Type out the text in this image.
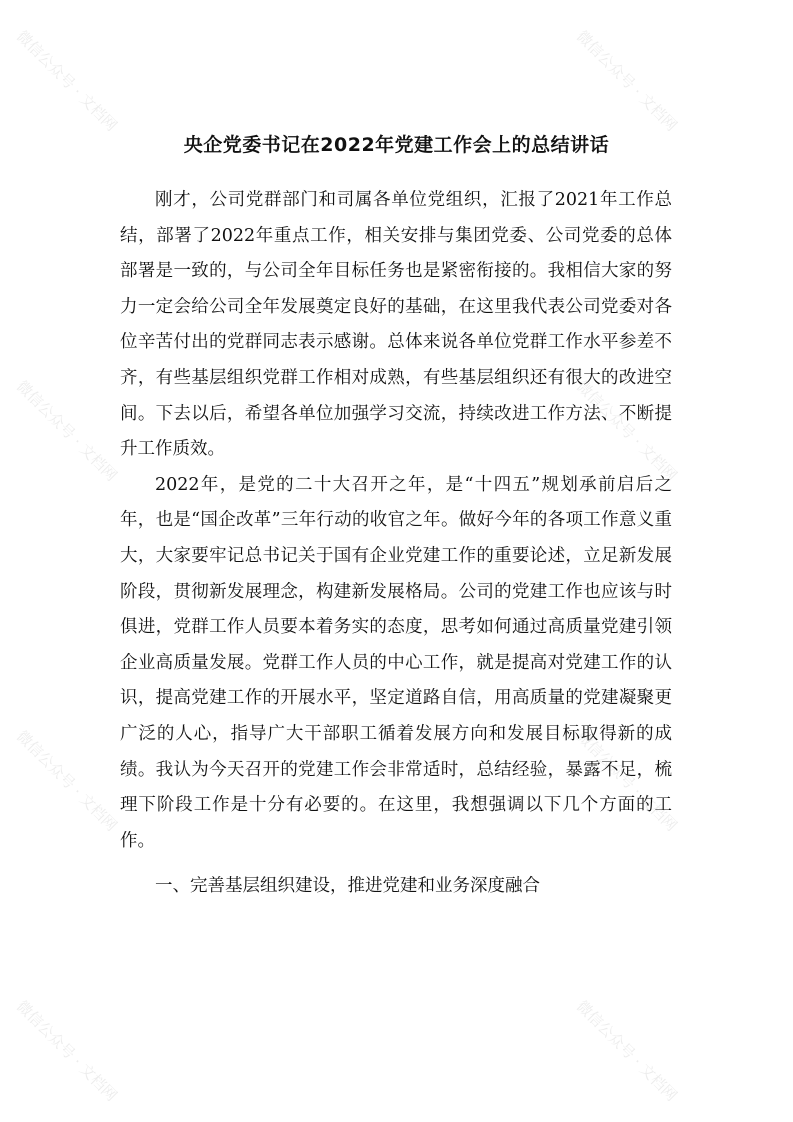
微信公众号 · 文档网	微信公众号 · 文档网
微信公众号 · 文档网	微信公众号 · 文档网
微信公众号 · 文档网	微信公众号 · 文档网
微信公众号 · 文档网	微信公众号 · 文档网
央企党委书记在2022年党建工作会上的总结讲话

刚才，公司党群部门和司属各单位党组织，汇报了2021年工作总结，部署了2022年重点工作，相关安排与集团党委、公司党委的总体部署是一致的，与公司全年目标任务也是紧密衔接的。我相信大家的努力一定会给公司全年发展奠定良好的基础，在这里我代表公司党委对各位辛苦付出的党群同志表示感谢。总体来说各单位党群工作水平参差不齐，有些基层组织党群工作相对成熟，有些基层组织还有很大的改进空间。下去以后，希望各单位加强学习交流，持续改进工作方法、不断提升工作质效。

2022年，是党的二十大召开之年，是“十四五”规划承前启后之年，也是“国企改革”三年行动的收官之年。做好今年的各项工作意义重大，大家要牢记总书记关于国有企业党建工作的重要论述，立足新发展阶段，贯彻新发展理念，构建新发展格局。公司的党建工作也应该与时俱进，党群工作人员要本着务实的态度，思考如何通过高质量党建引领企业高质量发展。党群工作人员的中心工作，就是提高对党建工作的认识，提高党建工作的开展水平，坚定道路自信，用高质量的党建凝聚更广泛的人心，指导广大干部职工循着发展方向和发展目标取得新的成绩。我认为今天召开的党建工作会非常适时，总结经验，暴露不足，梳理下阶段工作是十分有必要的。在这里，我想强调以下几个方面的工作。

一、完善基层组织建设，推进党建和业务深度融合
